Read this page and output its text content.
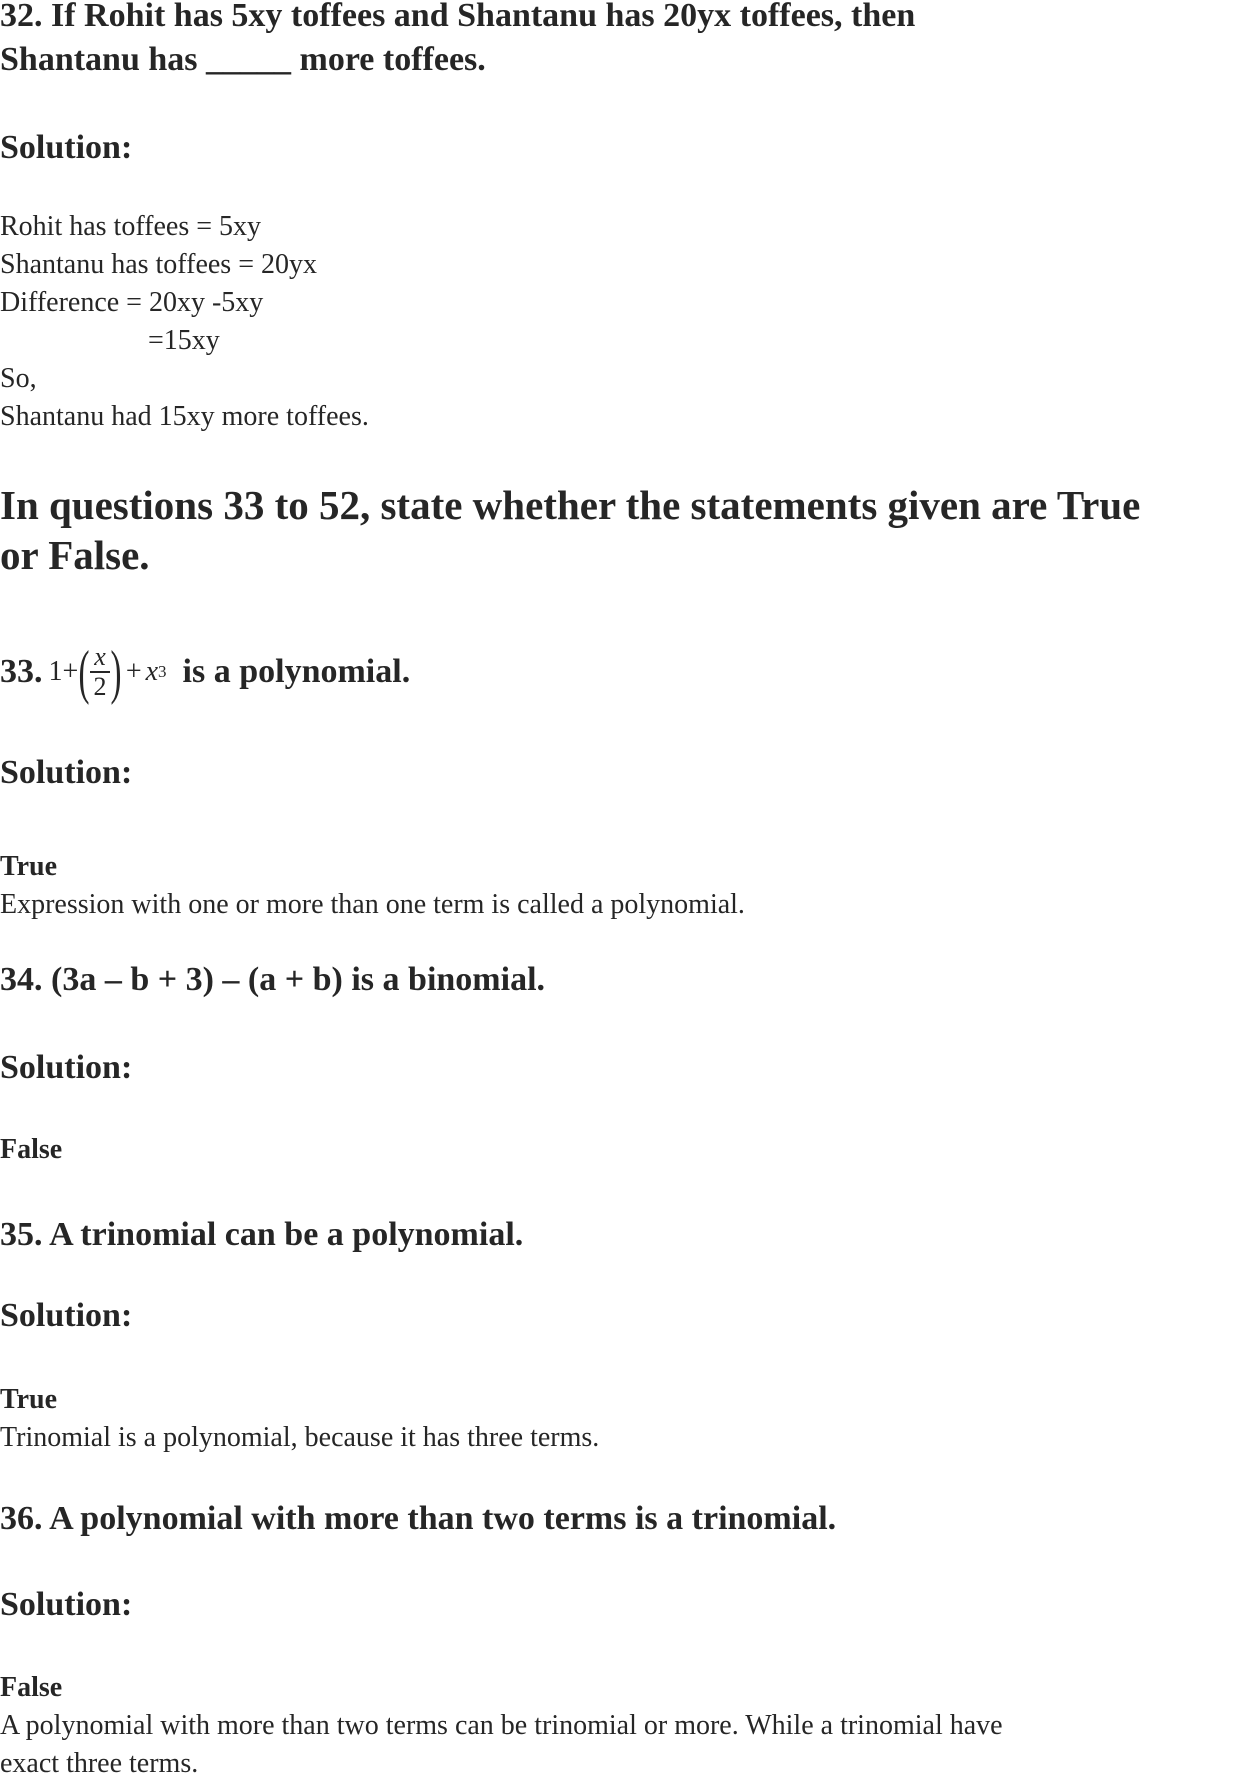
32. If Rohit has 5xy toffees and Shantanu has 20yx toffees, then
Shantanu has _____ more toffees.
Solution:
Rohit has toffees = 5xy
Shantanu has toffees = 20yx
Difference = 20xy -5xy
=15xy
So,
Shantanu had 15xy more toffees.
In questions 33 to 52, state whether the statements given are True
or False.
33. 1+ ( $\frac{x}{2}$ ) + x 3 is a polynomial.
Solution:
True
Expression with one or more than one term is called a polynomial.
34. (3a – b + 3) – (a + b) is a binomial.
Solution:
False
35. A trinomial can be a polynomial.
Solution:
True
Trinomial is a polynomial, because it has three terms.
36. A polynomial with more than two terms is a trinomial.
Solution:
False
A polynomial with more than two terms can be trinomial or more. While a trinomial have
exact three terms.
